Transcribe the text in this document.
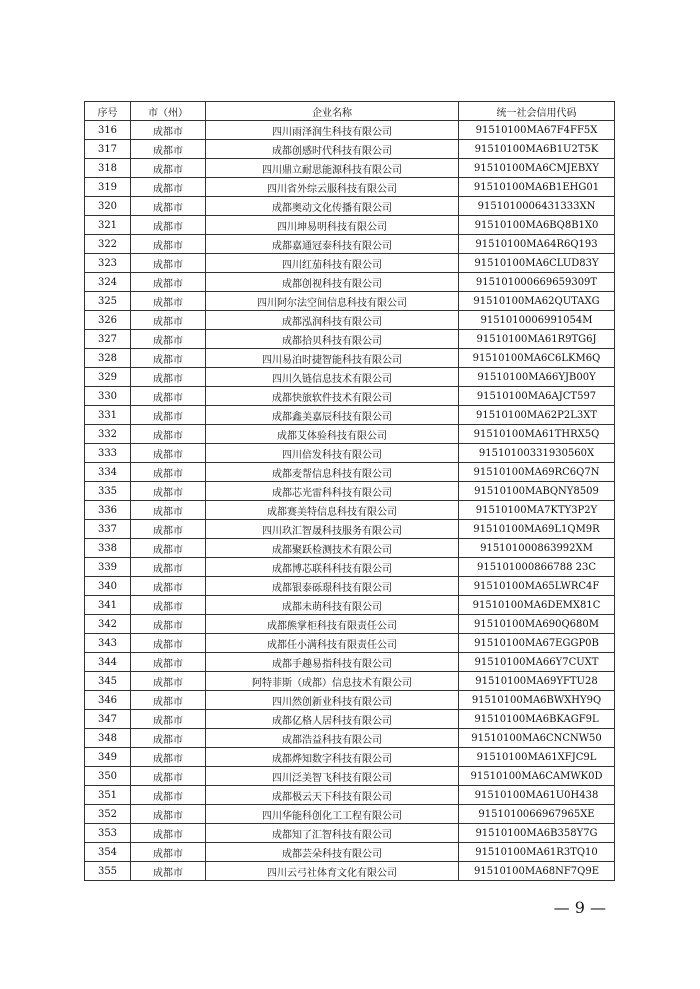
序号	市（州）	企业名称	统一社会信用代码
316	成都市	四川雨泽润生科技有限公司	91510100MA67F4FF5X
317	成都市	成都创感时代科技有限公司	91510100MA6B1U2T5K
318	成都市	四川鼎立耐思能源科技有限公司	91510100MA6CMJEBXY
319	成都市	四川省外综云服科技有限公司	91510100MA6B1EHG01
320	成都市	成都奥动文化传播有限公司	9151010006431333XN
321	成都市	四川坤易明科技有限公司	91510100MA6BQ8B1X0
322	成都市	成都嘉通冠泰科技有限公司	91510100MA64R6Q193
323	成都市	四川红茄科技有限公司	91510100MA6CLUD83Y
324	成都市	成都创视科技有限公司	915101000669659309T
325	成都市	四川阿尔法空间信息科技有限公司	91510100MA62QUTAXG
326	成都市	成都泓润科技有限公司	9151010006991054M
327	成都市	成都拾贝科技有限公司	91510100MA61R9TG6J
328	成都市	四川易泊时捷智能科技有限公司	91510100MA6C6LKM6Q
329	成都市	四川久链信息技术有限公司	91510100MA66YJB00Y
330	成都市	成都快旅软件技术有限公司	91510100MA6AJCT597
331	成都市	成都鑫美嘉辰科技有限公司	91510100MA62P2L3XT
332	成都市	成都艾体验科技有限公司	91510100MA61THRX5Q
333	成都市	四川倍发科技有限公司	91510100331930560X
334	成都市	成都麦帮信息科技有限公司	91510100MA69RC6Q7N
335	成都市	成都芯光雷科科技有限公司	91510100MABQNY8509
336	成都市	成都赛美特信息科技有限公司	91510100MA7KTY3P2Y
337	成都市	四川玖汇智晟科技服务有限公司	91510100MA69L1QM9R
338	成都市	成都聚跃检测技术有限公司	915101000863992XM
339	成都市	成都博芯联科科技有限公司	915101000866788 23C
340	成都市	成都银泰砾璟科技有限公司	91510100MA65LWRC4F
341	成都市	成都未萌科技有限公司	91510100MA6DEMX81C
342	成都市	成都熊掌柜科技有限责任公司	91510100MA690Q680M
343	成都市	成都任小满科技有限责任公司	91510100MA67EGGP0B
344	成都市	成都手趣易指科技有限公司	91510100MA66Y7CUXT
345	成都市	阿特菲斯（成都）信息技术有限公司	91510100MA69YFTU28
346	成都市	四川然创新业科技有限公司	91510100MA6BWXHY9Q
347	成都市	成都亿格人居科技有限公司	91510100MA6BKAGF9L
348	成都市	成都浩益科技有限公司	91510100MA6CNCNW50
349	成都市	成都烨知数字科技有限公司	91510100MA61XFJC9L
350	成都市	四川泛美智飞科技有限公司	91510100MA6CAMWK0D
351	成都市	成都极云天下科技有限公司	91510100MA61U0H438
352	成都市	四川华能科创化工工程有限公司	9151010066967965XE
353	成都市	成都知了汇智科技有限公司	91510100MA6B358Y7G
354	成都市	成都芸朵科技有限公司	91510100MA61R3TQ10
355	成都市	四川云弓社体育文化有限公司	91510100MA68NF7Q9E
— 9 —
